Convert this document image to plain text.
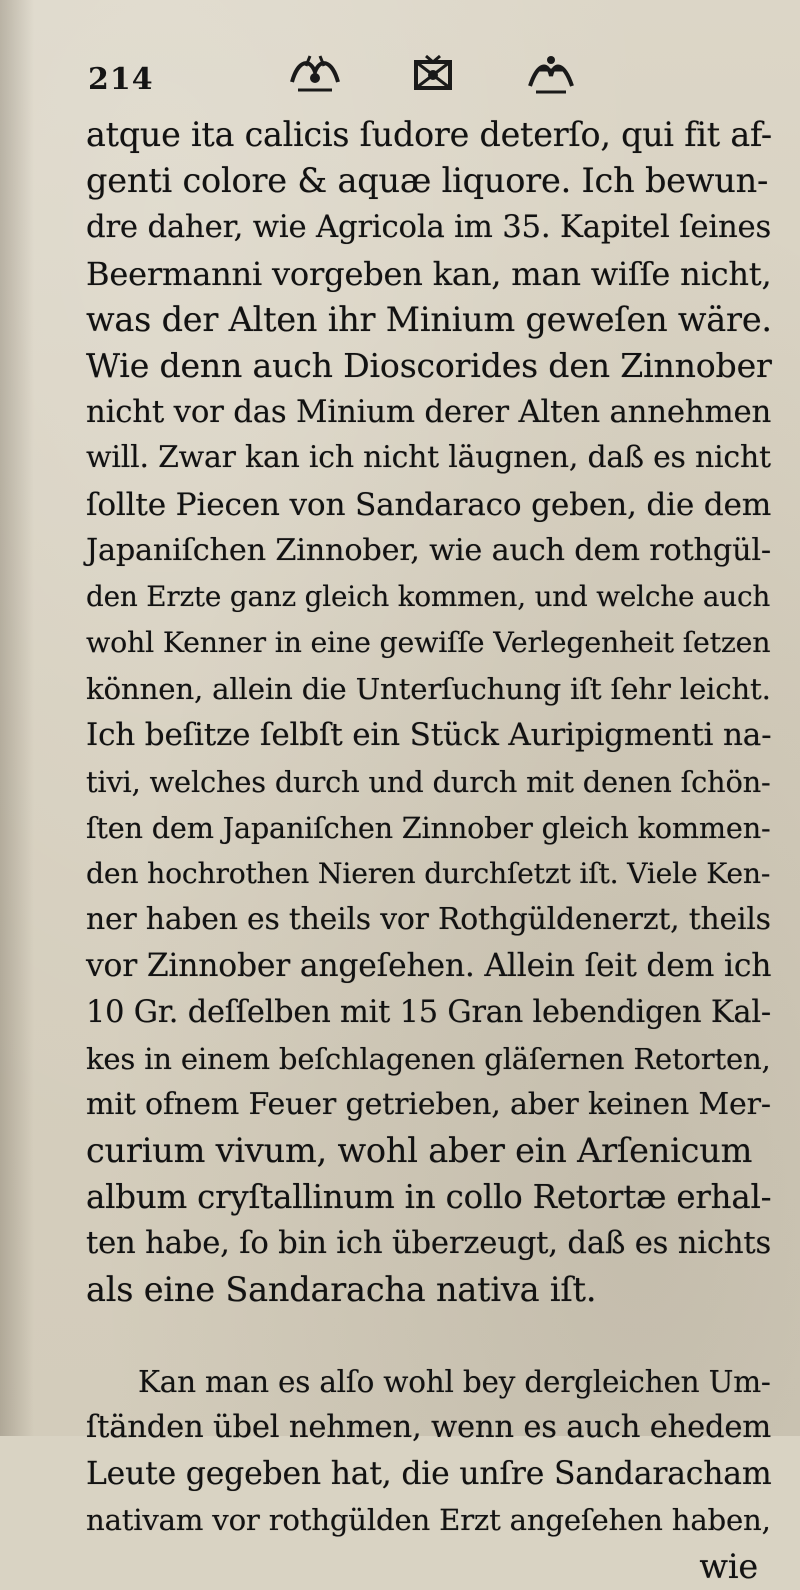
214
atque ita calicis ſudore deterſo, qui fit af-
genti colore & aquæ liquore. Ich bewun-
dre daher, wie Agricola im 35. Kapitel ſeines
Beermanni vorgeben kan, man wiſſe nicht,
was der Alten ihr Minium geweſen wäre.
Wie denn auch Dioscorides den Zinnober
nicht vor das Minium derer Alten annehmen
will. Zwar kan ich nicht läugnen, daß es nicht
ſollte Piecen von Sandaraco geben, die dem
Japaniſchen Zinnober, wie auch dem rothgül-
den Erzte ganz gleich kommen, und welche auch
wohl Kenner in eine gewiſſe Verlegenheit ſetzen
können, allein die Unterſuchung iſt ſehr leicht.
Ich beſitze ſelbſt ein Stück Auripigmenti na-
tivi, welches durch und durch mit denen ſchön-
ſten dem Japaniſchen Zinnober gleich kommen-
den hochrothen Nieren durchſetzt iſt. Viele Ken-
ner haben es theils vor Rothgüldenerzt, theils
vor Zinnober angeſehen. Allein ſeit dem ich
10 Gr. deſſelben mit 15 Gran lebendigen Kal-
kes in einem beſchlagenen gläſernen Retorten,
mit ofnem Feuer getrieben, aber keinen Mer-
curium vivum, wohl aber ein Arſenicum
album cryſtallinum in collo Retortæ erhal-
ten habe, ſo bin ich überzeugt, daß es nichts
als eine Sandaracha nativa iſt.
Kan man es alſo wohl bey dergleichen Um-
ſtänden übel nehmen, wenn es auch ehedem
Leute gegeben hat, die unſre Sandaracham
nativam vor rothgülden Erzt angeſehen haben,
wie
